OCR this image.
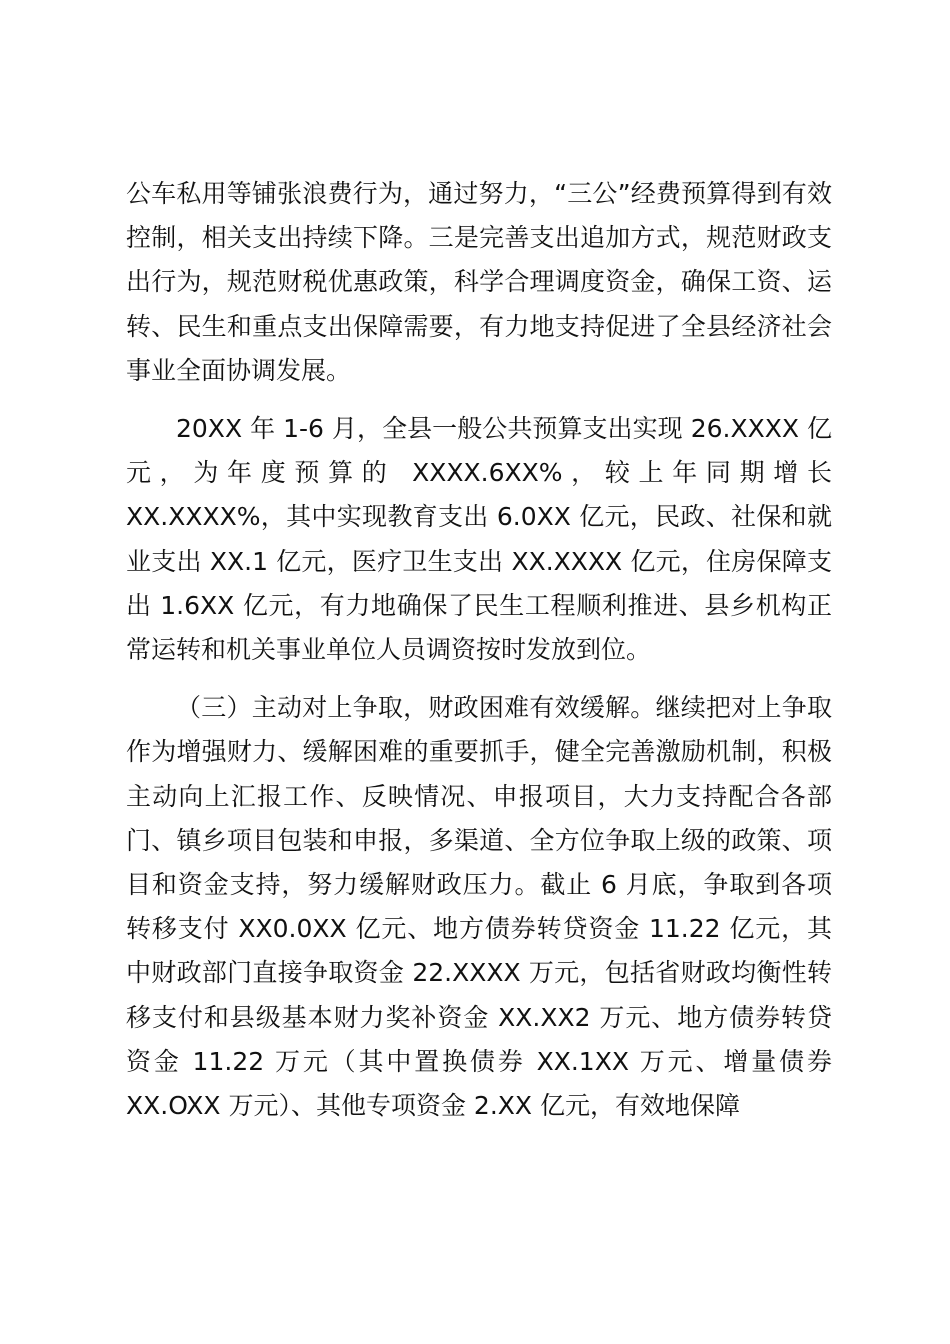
公车私用等铺张浪费行为，通过努力，“三公”经费预算得到有效控制，相关支出持续下降。三是完善支出追加方式，规范财政支出行为，规范财税优惠政策，科学合理调度资金，确保工资、运转、民生和重点支出保障需要，有力地支持促进了全县经济社会事业全面协调发展。

20XX 年 1-6 月，全县一般公共预算支出实现 26.XXXX 亿元，为年度预算的 XXXX.6XX%，较上年同期增长 XX.XXXX%，其中实现教育支出 6.0XX 亿元，民政、社保和就业支出 XX.1 亿元，医疗卫生支出 XX.XXXX 亿元，住房保障支出 1.6XX 亿元，有力地确保了民生工程顺利推进、县乡机构正常运转和机关事业单位人员调资按时发放到位。

（三）主动对上争取，财政困难有效缓解。继续把对上争取作为增强财力、缓解困难的重要抓手，健全完善激励机制，积极主动向上汇报工作、反映情况、申报项目，大力支持配合各部门、镇乡项目包装和申报，多渠道、全方位争取上级的政策、项目和资金支持，努力缓解财政压力。截止 6 月底，争取到各项转移支付 XX0.0XX 亿元、地方债券转贷资金 11.22 亿元，其中财政部门直接争取资金 22.XXXX 万元，包括省财政均衡性转移支付和县级基本财力奖补资金 XX.XX2 万元、地方债券转贷资金 11.22 万元（其中置换债券 XX.1XX 万元、增量债券 XX.OXX 万元）、其他专项资金 2.XX 亿元，有效地保障
